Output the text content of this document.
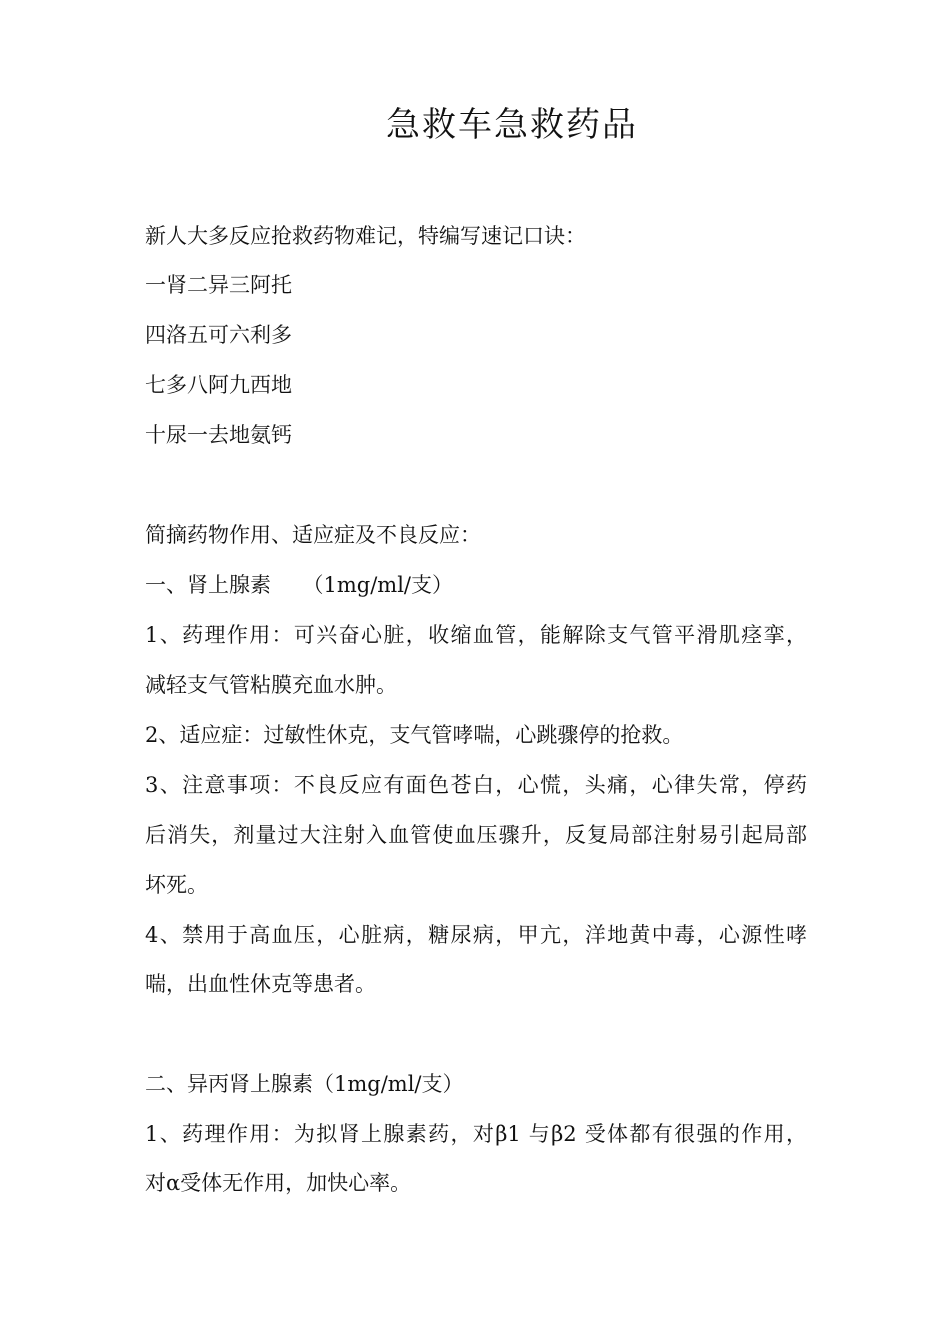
急救车急救药品

新人大多反应抢救药物难记，特编写速记口诀：

一肾二异三阿托

四洛五可六利多

七多八阿九西地

十尿一去地氨钙

简摘药物作用、适应症及不良反应：

一、肾上腺素　　（1mg/ml/支）

1、药理作用：可兴奋心脏，收缩血管，能解除支气管平滑肌痉挛，

减轻支气管粘膜充血水肿。

2、适应症：过敏性休克，支气管哮喘，心跳骤停的抢救。

3、注意事项：不良反应有面色苍白，心慌，头痛，心律失常，停药

后消失，剂量过大注射入血管使血压骤升，反复局部注射易引起局部

坏死。

4、禁用于高血压，心脏病，糖尿病，甲亢，洋地黄中毒，心源性哮

喘，出血性休克等患者。

二、异丙肾上腺素（1mg/ml/支）

1、药理作用：为拟肾上腺素药，对β1 与β2 受体都有很强的作用，

对α受体无作用，加快心率。
